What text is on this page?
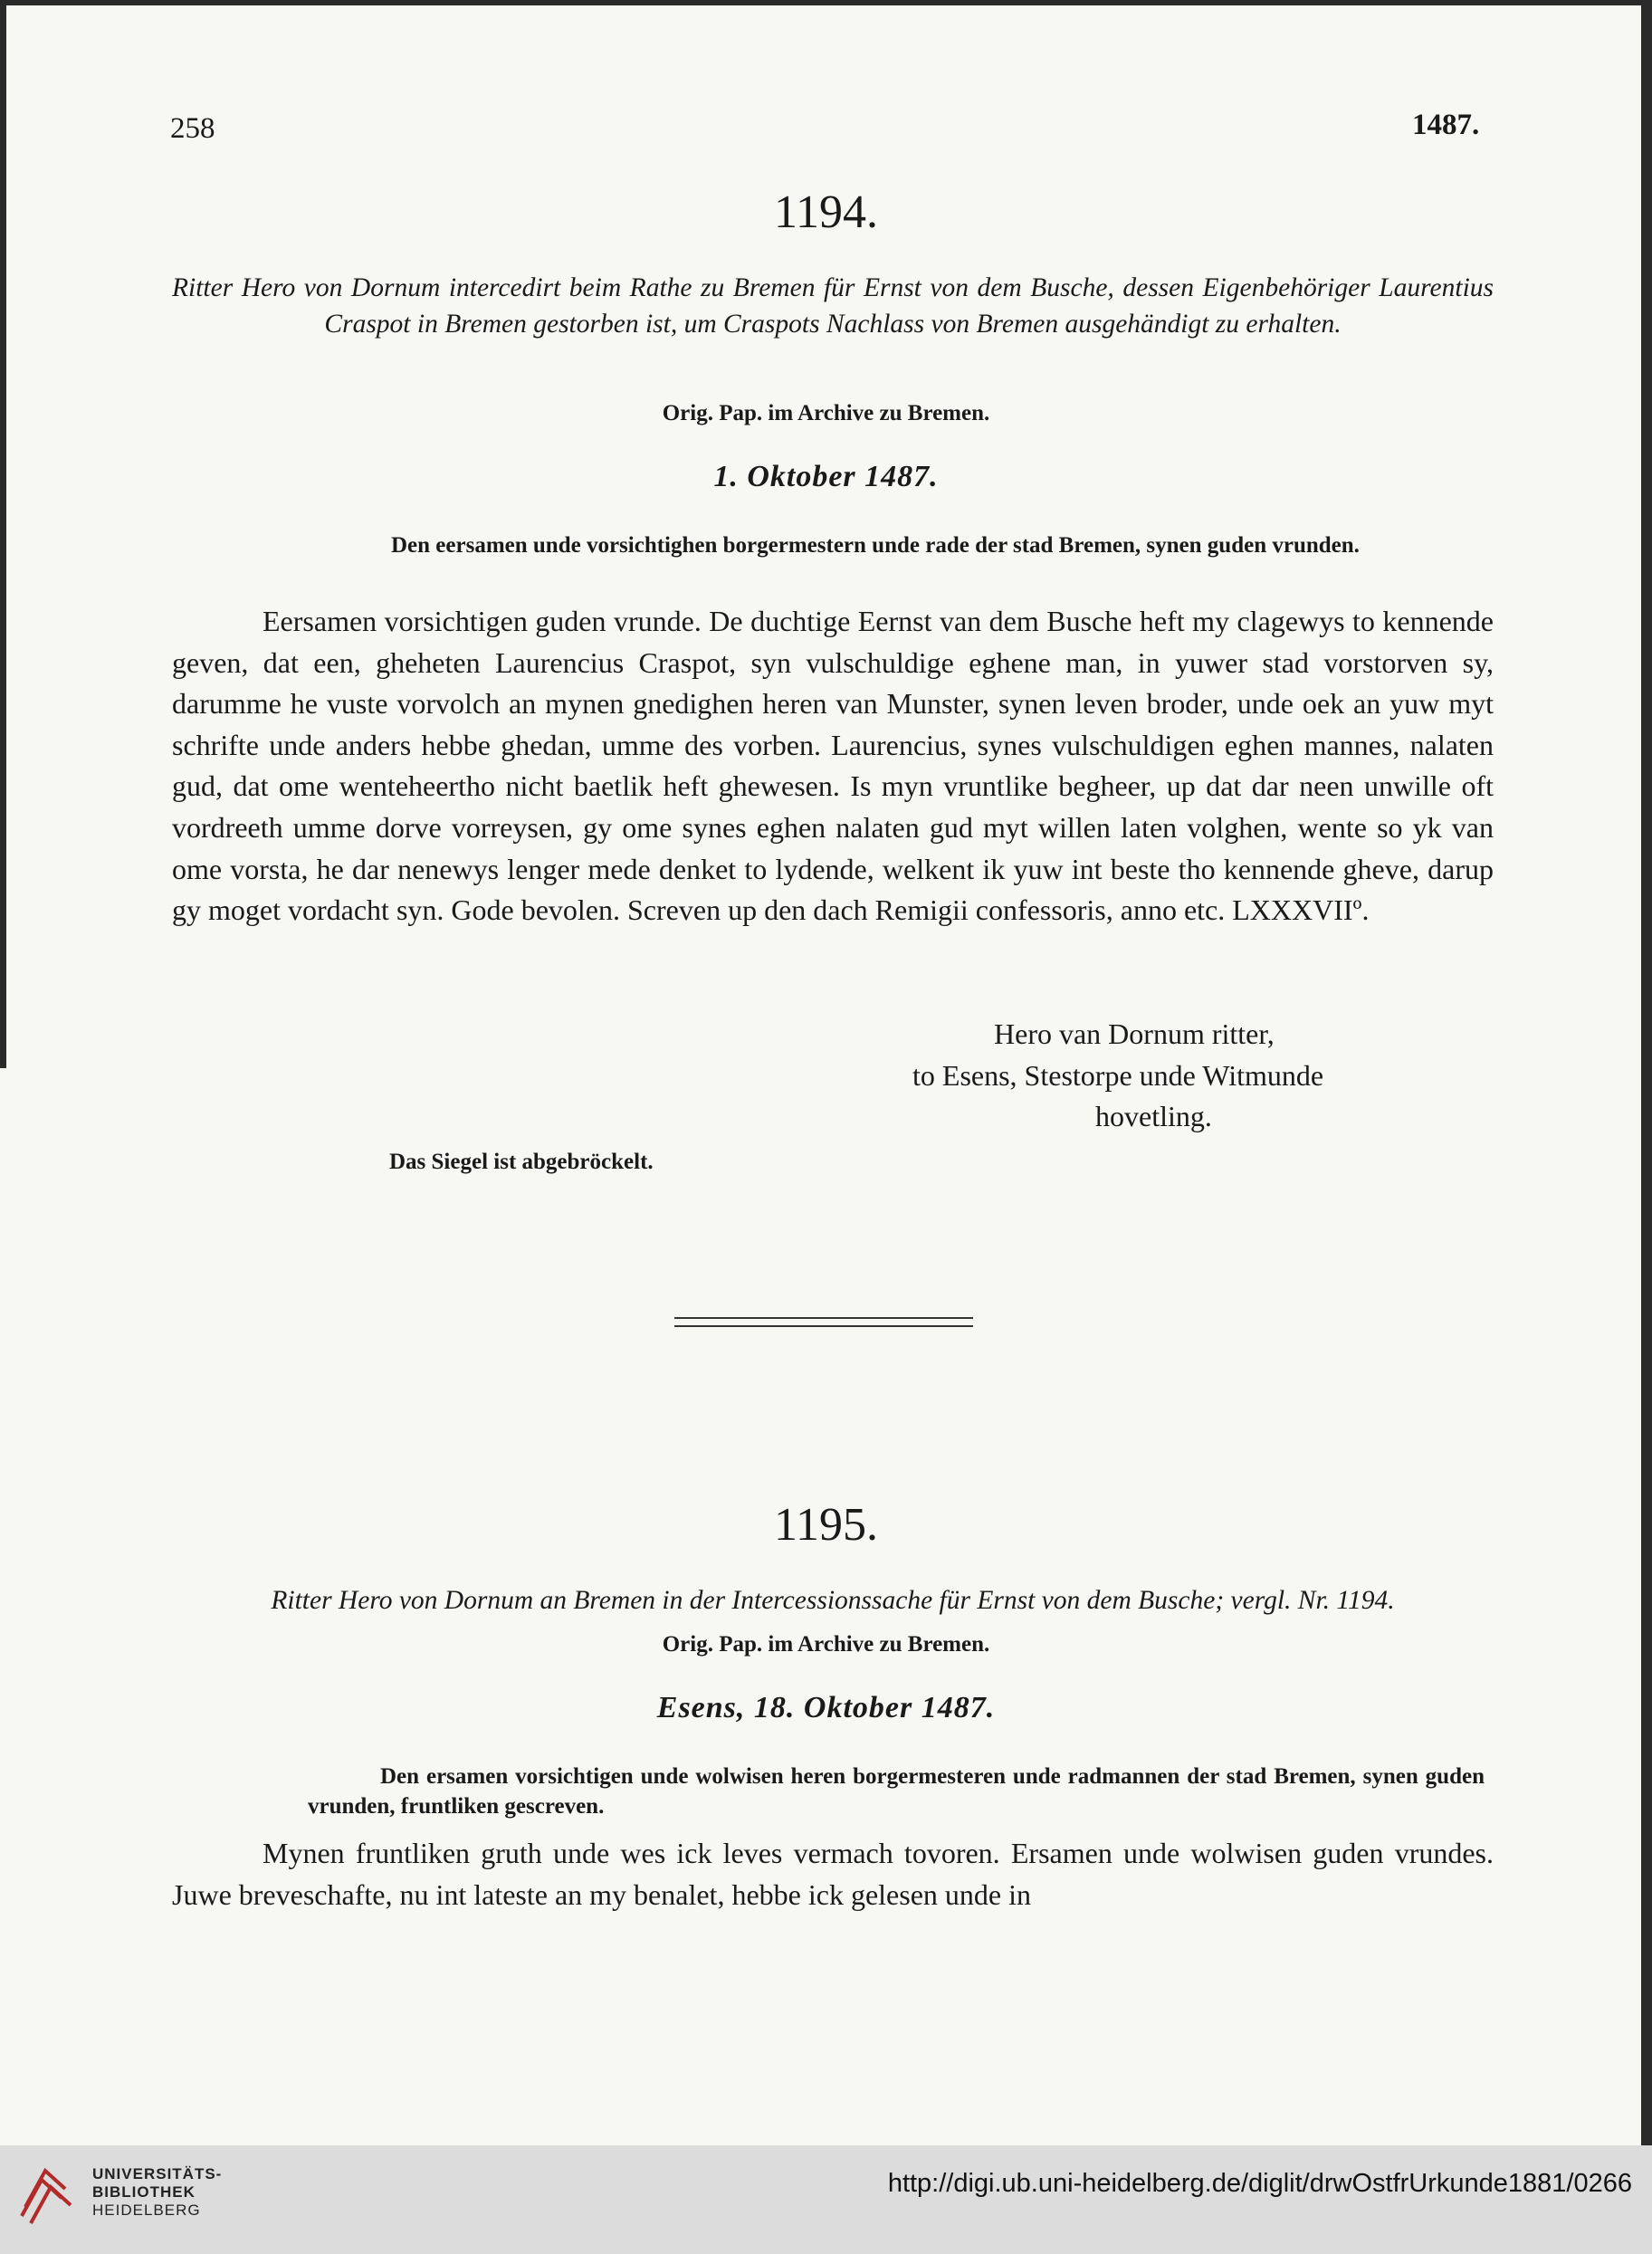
258	1487.
1194.
Ritter Hero von Dornum intercedirt beim Rathe zu Bremen für Ernst von dem Busche, dessen Eigenbehöriger Laurentius Craspot in Bremen gestorben ist, um Craspots Nachlass von Bremen ausgehändigt zu erhalten.
Orig. Pap. im Archive zu Bremen.
1. Oktober 1487.
Den eersamen unde vorsichtighen borgermestern unde rade der stad Bremen, synen guden vrunden.
Eersamen vorsichtigen guden vrunde. De duchtige Eernst van dem Busche heft my clagewys to kennende geven, dat een, gheheten Laurencius Craspot, syn vulschuldige eghene man, in yuwer stad vorstorven sy, darumme he vuste vorvolch an mynen gnedighen heren van Munster, synen leven broder, unde oek an yuw myt schrifte unde anders hebbe ghedan, umme des vorben. Laurencius, synes vulschuldigen eghen mannes, nalaten gud, dat ome wenteheertho nicht baetlik heft ghewesen. Is myn vruntlike begheer, up dat dar neen unwille oft vordreeth umme dorve vorreysen, gy ome synes eghen nalaten gud myt willen laten volghen, wente so yk van ome vorsta, he dar nenewys lenger mede denket to lydende, welkent ik yuw int beste tho kennende gheve, darup gy moget vordacht syn. Gode bevolen. Screven up den dach Remigii confessoris, anno etc. LXXXVIIº.
Hero van Dornum ritter,
to Esens, Stestorpe unde Witmunde
hovetling.
Das Siegel ist abgebröckelt.
1195.
Ritter Hero von Dornum an Bremen in der Intercessionssache für Ernst von dem Busche; vergl. Nr. 1194.
Orig. Pap. im Archive zu Bremen.
Esens, 18. Oktober 1487.
Den ersamen vorsichtigen unde wolwisen heren borgermesteren unde radmannen der stad Bremen, synen guden vrunden, fruntliken gescreven.
Mynen fruntliken gruth unde wes ick leves vermach tovoren. Ersamen unde wolwisen guden vrundes. Juwe breveschafte, nu int lateste an my benalet, hebbe ick gelesen unde in
UNIVERSITÄTS-
BIBLIOTHEK
HEIDELBERG
http://digi.ub.uni-heidelberg.de/diglit/drwOstfrUrkunde1881/0266
